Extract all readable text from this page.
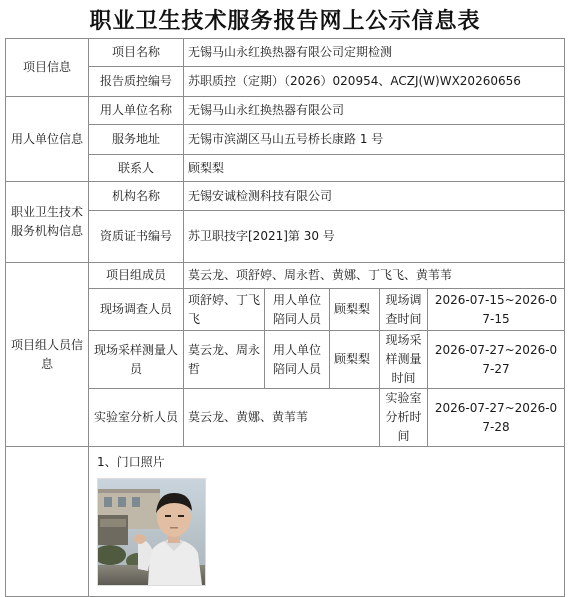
职业卫生技术服务报告网上公示信息表
项目信息	项目名称	无锡马山永红换热器有限公司定期检测				
	报告质控编号	苏职质控（定期）（2026）020954、ACZJ(W)WX20260656				
用人单位信息	用人单位名称	无锡马山永红换热器有限公司				
	服务地址	无锡市滨湖区马山五号桥长康路 1 号				
	联系人	顾梨梨				
职业卫生技术服务机构信息	机构名称	无锡安诚检测科技有限公司				
	资质证书编号	苏卫职技字[2021]第 30 号				
项目组人员信息	项目组成员	莫云龙、项舒婷、周永哲、黄娜、丁飞飞、黄苇苇				
	现场调查人员	项舒婷、丁飞飞	用人单位陪同人员	顾梨梨	现场调查时间	2026-07-15~2026-07-15
	现场采样测量人员	莫云龙、周永哲	用人单位陪同人员	顾梨梨	现场采样测量时间	2026-07-27~2026-07-27
	实验室分析人员	莫云龙、黄娜、黄苇苇			实验室分析时间	2026-07-27~2026-07-28

	1、门口照片					
